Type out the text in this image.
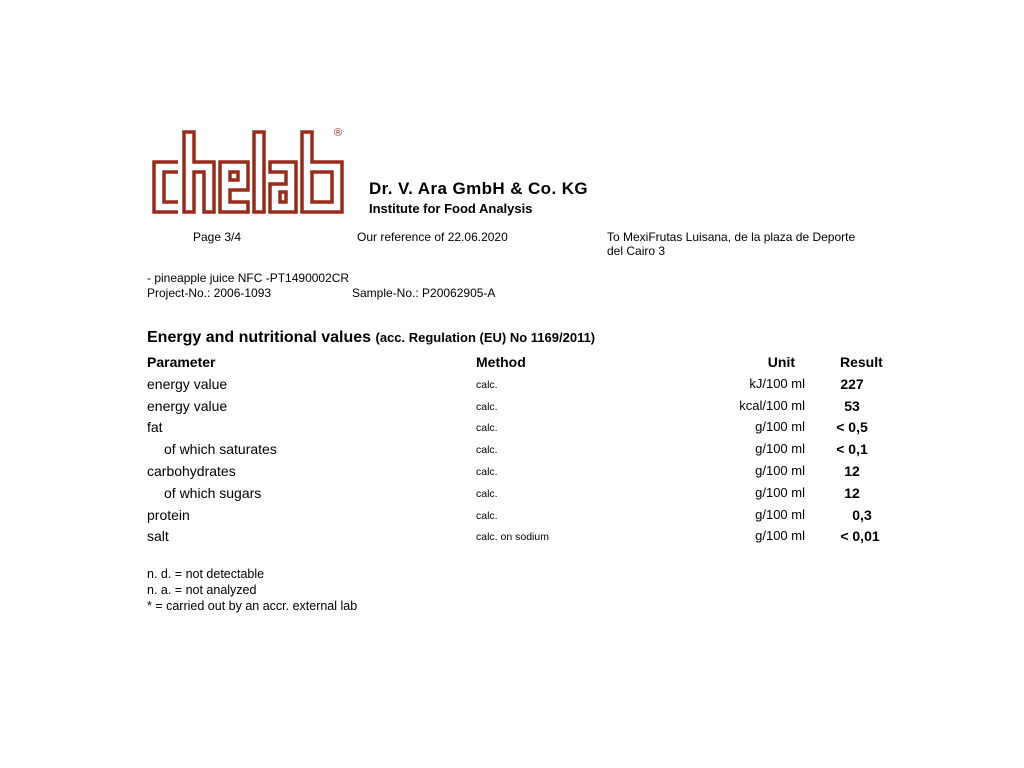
®
Dr. V. Ara GmbH & Co. KG
Institute for Food Analysis
Page 3/4	Our reference of 22.06.2020	To MexiFrutas Luisana, de la plaza de Deporte
del Cairo 3
- pineapple juice NFC -PT1490002CR
Project-No.: 2006-1093	Sample-No.: P20062905-A
Energy and nutritional values (acc. Regulation (EU) No 1169/2011)
Parameter	Method	Unit	Result
energy value	calc.	kJ/100 ml	227
energy value	calc.	kcal/100 ml	53
fat	calc.	g/100 ml	< 0,5
of which saturates	calc.	g/100 ml	< 0,1
carbohydrates	calc.	g/100 ml	12
of which sugars	calc.	g/100 ml	12
protein	calc.	g/100 ml	0,3
salt	calc. on sodium	g/100 ml	< 0,01
n. d. = not detectable
n. a. = not analyzed
* = carried out by an accr. external lab
